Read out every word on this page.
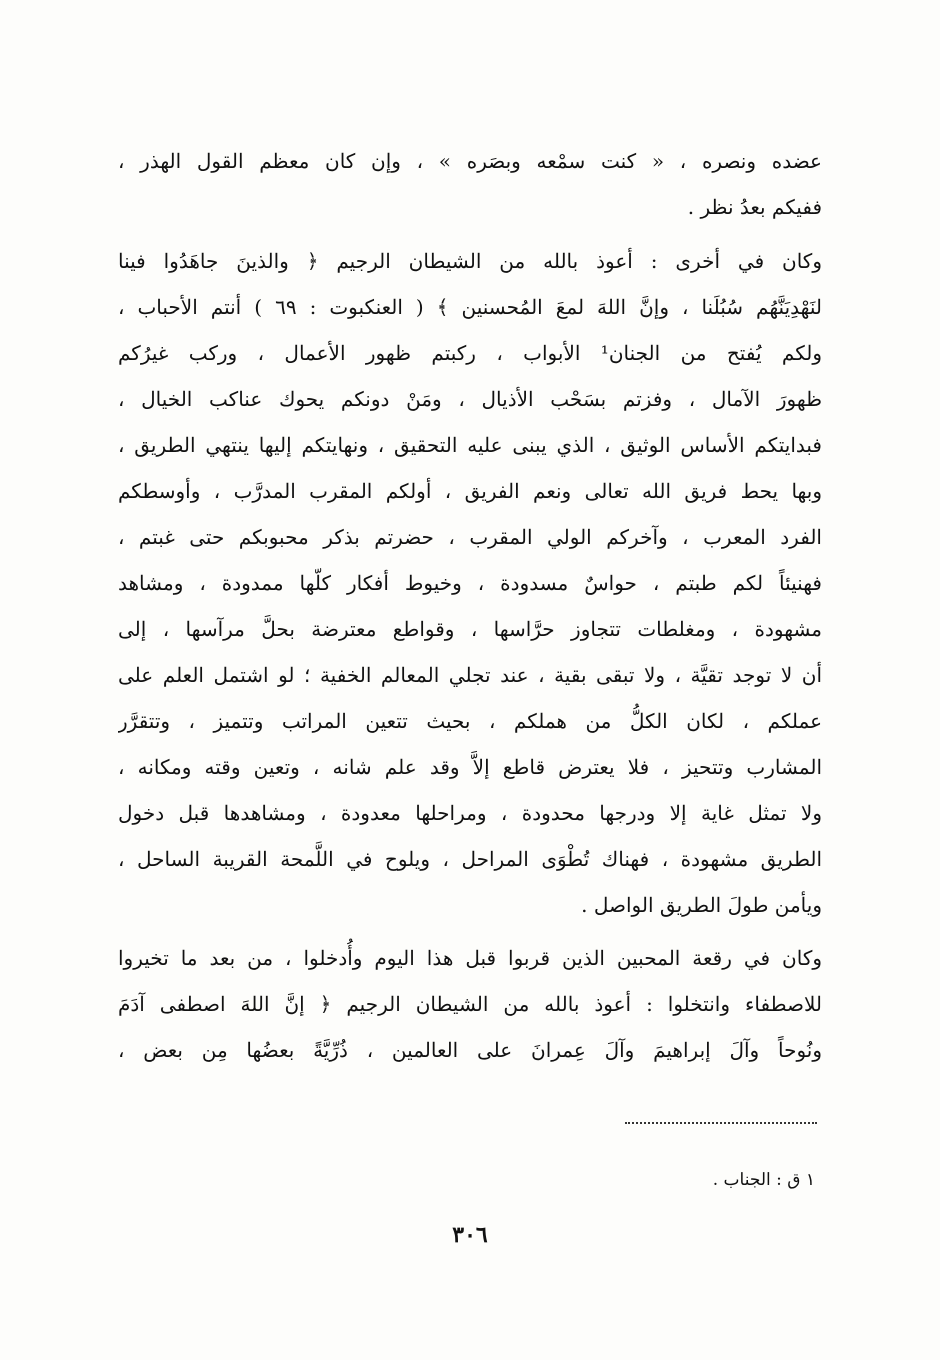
عضده ونصره ، « كنت سمْعه وبصَره » ، وإن كان معظم القول الهذر ،
ففيكم بعدُ نظر .
وكان في أخرى : أعوذ بالله من الشيطان الرجيم ﴿ والذينَ جاهَدُوا فينا
لنَهْدِيَنَّهُم سُبُلَنا ، وإنَّ اللهَ لمعَ المُحسنين ﴾ ( العنكبوت : ٦٩ ) أنتم الأحباب ،
ولكم يُفتح من الجنان¹ الأبواب ، ركبتم ظهور الأعمال ، وركب غيرُكم
ظهورَ الآمال ، وفزتم بسَحْب الأذيال ، ومَنْ دونكم يحوك عناكب الخيال ،
فبدايتكم الأساس الوثيق ، الذي يبنى عليه التحقيق ، ونهايتكم إليها ينتهي الطريق ،
وبها يحط فريق الله تعالى ونعم الفريق ، أولكم المقرب المدرَّب ، وأوسطكم
الفرد المعرب ، وآخركم الولي المقرب ، حضرتم بذكر محبوبكم حتى غبتم ،
فهنيئاً لكم طبتم ، حواسٌ مسدودة ، وخيوط أفكار كلّها ممدودة ، ومشاهد
مشهودة ، ومغلطات تتجاوز حرَّاسها ، وقواطع معترضة بحلَّ مرآسها ، إلى
أن لا توجد تقيَّة ، ولا تبقى بقية ، عند تجلي المعالم الخفية ؛ لو اشتمل العلم على
عملكم ، لكان الكلُّ من هملكم ، بحيث تتعين المراتب وتتميز ، وتتقرَّر
المشارب وتتحيز ، فلا يعترض قاطع إلاَّ وقد علم شانه ، وتعين وقته ومكانه ،
ولا تمثل غاية إلا ودرجها محدودة ، ومراحلها معدودة ، ومشاهدها قبل دخول
الطريق مشهودة ، فهناك تُطْوَى المراحل ، ويلوح في اللَّمحة القريبة الساحل ،
ويأمن طولَ الطريق الواصل .
وكان في رقعة المحبين الذين قربوا قبل هذا اليوم وأُدخلوا ، من بعد ما تخيروا
للاصطفاء وانتخلوا : أعوذ بالله من الشيطان الرجيم ﴿ إنَّ اللهَ اصطفى آدَمَ
ونُوحاً وآلَ إبراهيمَ وآلَ عِمرانَ على العالمين ، ذُرِّيَّةً بعضُها مِن بعض ،
١ ق : الجناب .
٣٠٦
